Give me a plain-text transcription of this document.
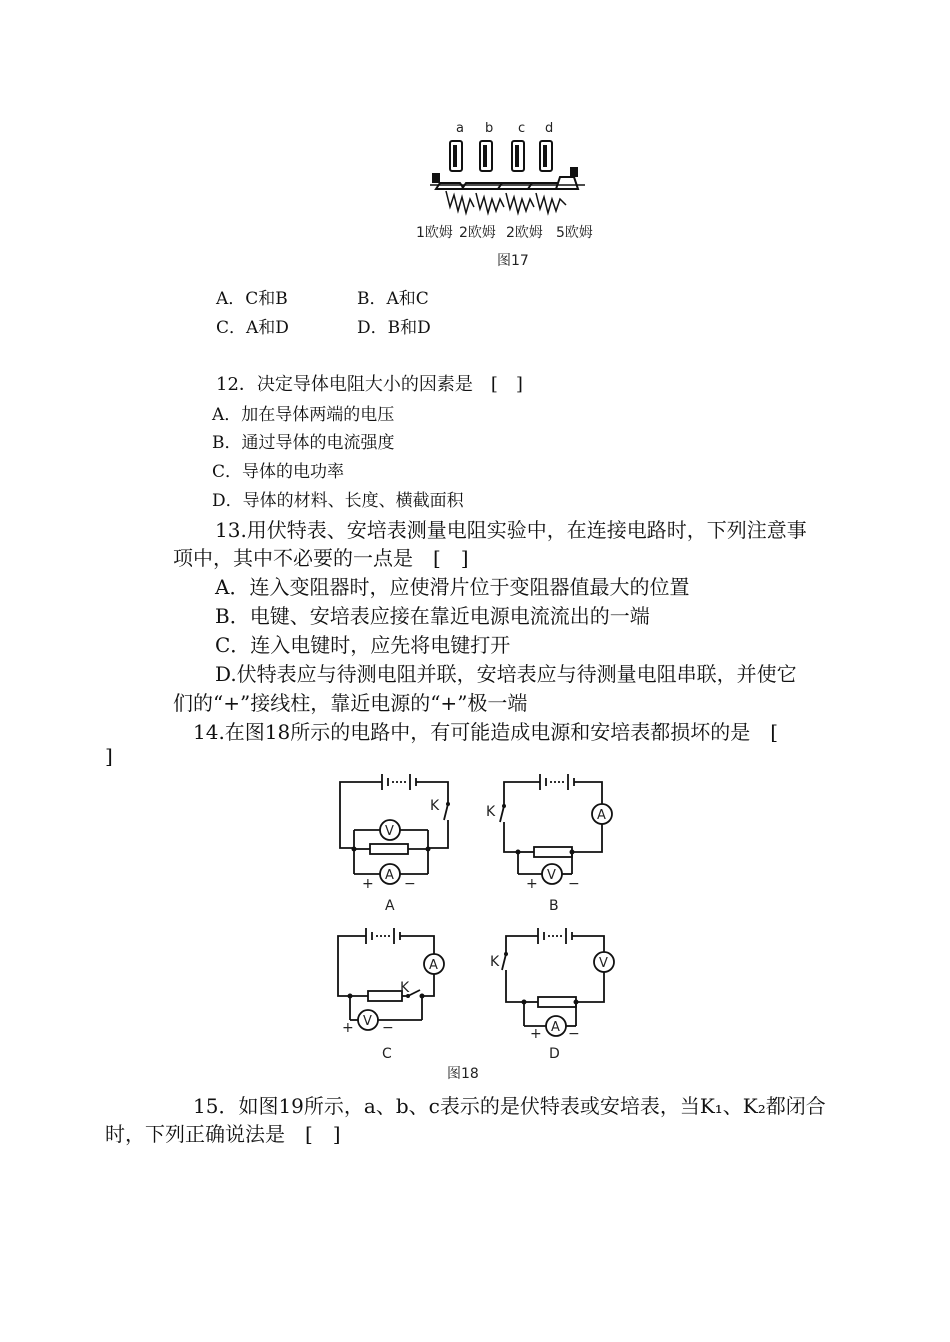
a b c d
1欧姆 2欧姆 2欧姆 5欧姆
图17
A．C和B	B．A和C
C．A和D	D．B和D
12．决定导体电阻大小的因素是　[　]
A．加在导体两端的电压
B．通过导体的电流强度
C．导体的电功率
D．导体的材料、长度、横截面积
13.用伏特表、安培表测量电阻实验中，在连接电路时，下列注意事
项中，其中不必要的一点是　[　]
A．连入变阻器时，应使滑片位于变阻器值最大的位置
B．电键、安培表应接在靠近电源电流流出的一端
C．连入电键时，应先将电键打开
D.伏特表应与待测电阻并联，安培表应与待测量电阻串联，并使它
们的“+”接线柱，靠近电源的“+”极一端
14.在图18所示的电路中，有可能造成电源和安培表都损坏的是　[
]
V
A
A
V
A
V
V
A
K	K
K
K
+ −	+ −
+ −	+ −
A	B
C	D
图18
15．如图19所示，a、b、c表示的是伏特表或安培表，当K₁、K₂都闭合
时，下列正确说法是　[　]
